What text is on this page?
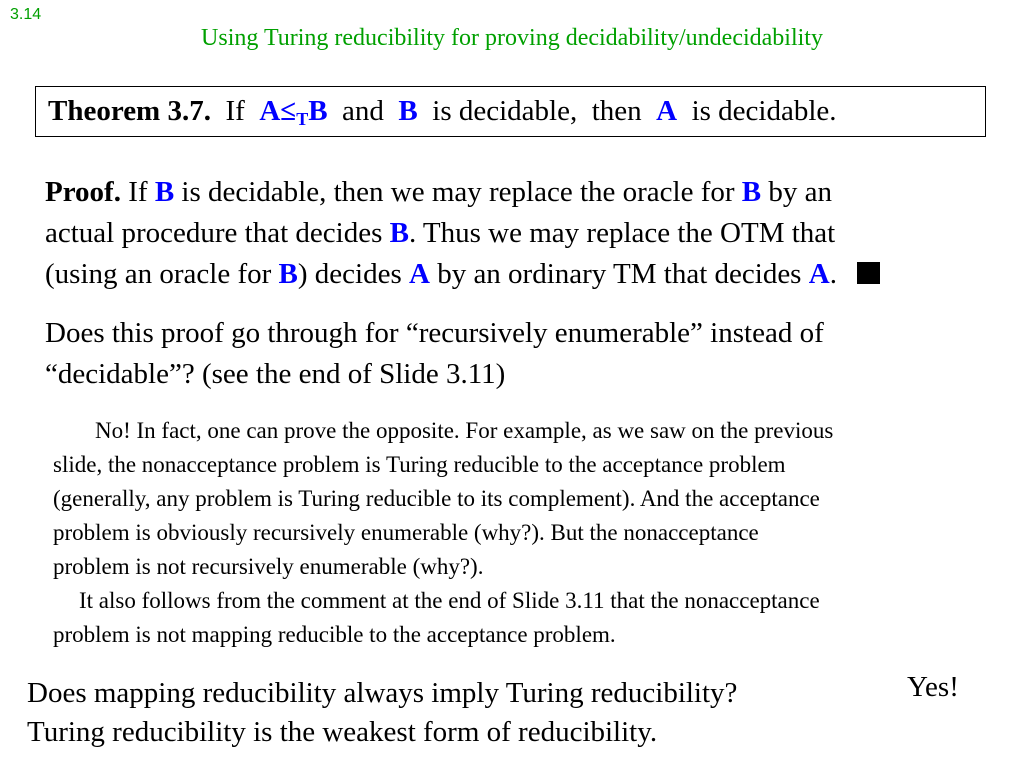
3.14
Using Turing reducibility for proving decidability/undecidability
Theorem 3.7. If A≤TB and B is decidable,  then A is decidable.
Proof. If B is decidable, then we may replace the oracle for B by an
actual procedure that decides B. Thus we may replace the OTM that
(using an oracle for B) decides A by an ordinary TM that decides A.
Does this proof go through for “recursively enumerable” instead of
“decidable”? (see the end of Slide 3.11)
No! In fact, one can prove the opposite. For example, as we saw on the previous
slide, the nonacceptance problem is Turing reducible to the acceptance problem
(generally, any problem is Turing reducible to its complement). And the acceptance
problem is obviously recursively enumerable (why?). But the nonacceptance
problem is not recursively enumerable (why?).
It also follows from the comment at the end of Slide 3.11 that the nonacceptance
problem is not mapping reducible to the acceptance problem.
Does mapping reducibility always imply Turing reducibility?
Turing reducibility is the weakest form of reducibility.
Yes!
